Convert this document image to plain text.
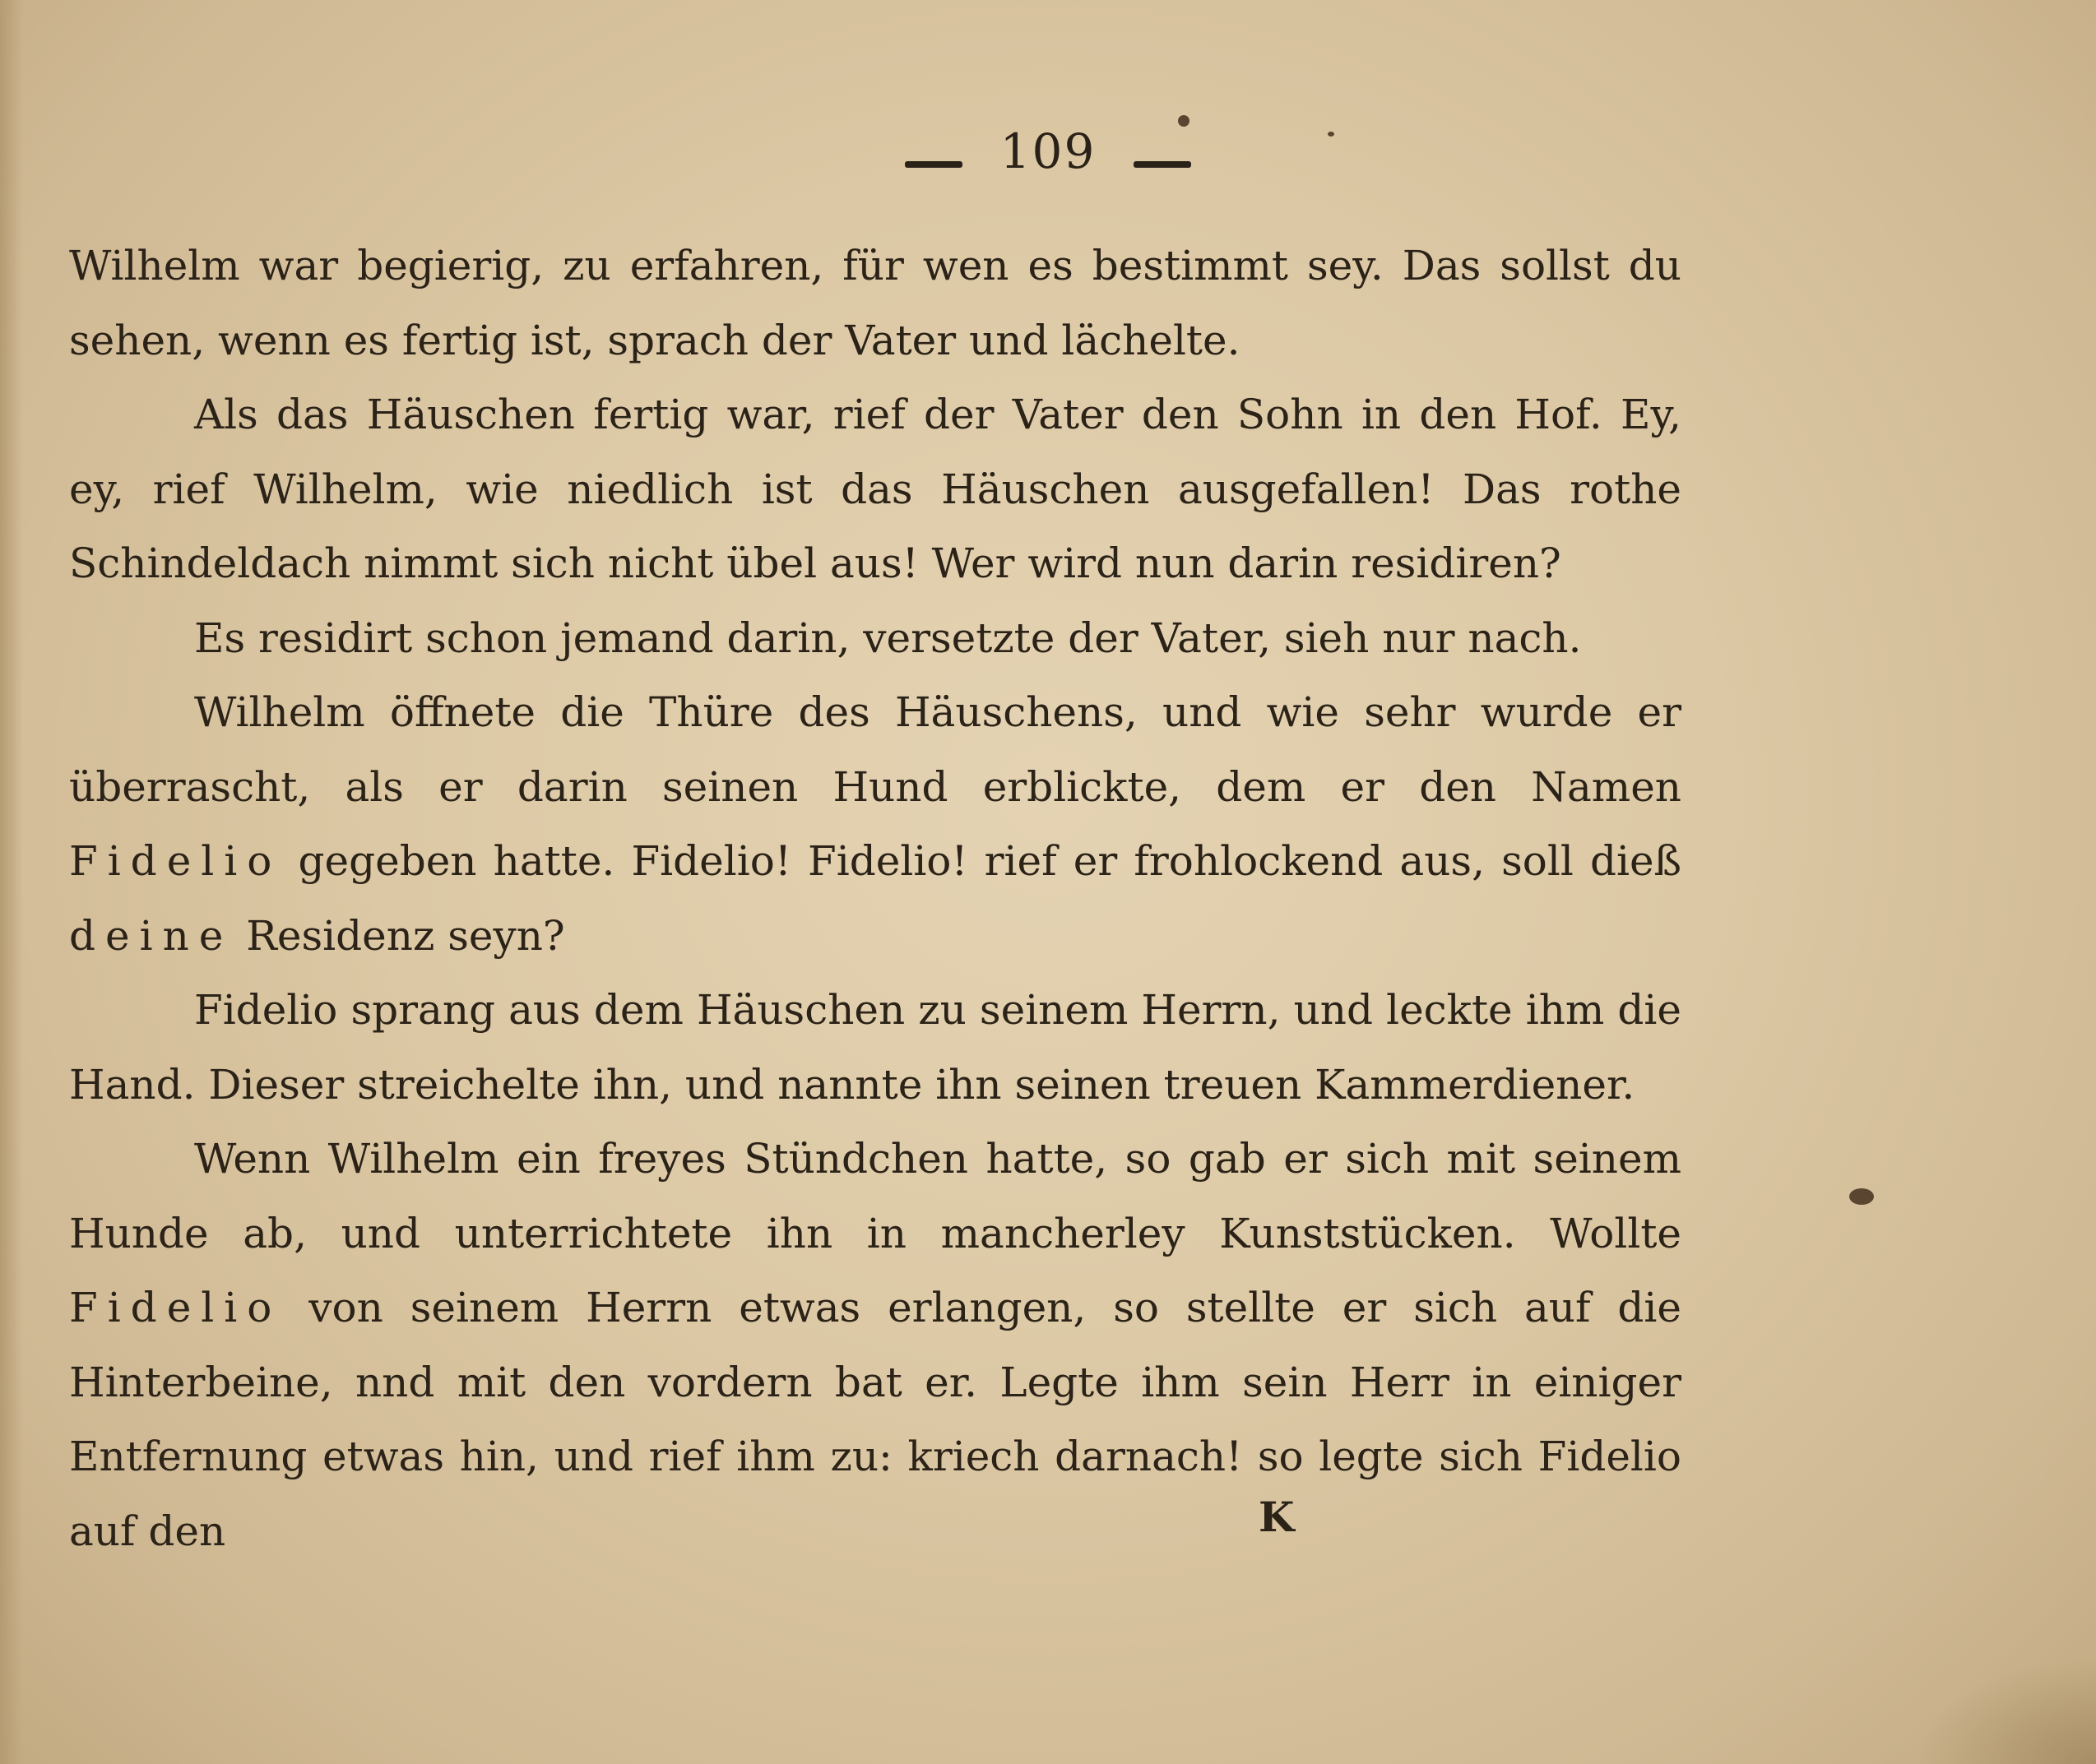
109

Wilhelm war begierig, zu erfahren, für wen es bestimmt sey. Das sollst du sehen, wenn es fertig ist, sprach der Vater und lächelte.

Als das Häuschen fertig war, rief der Vater den Sohn in den Hof. Ey, ey, rief Wilhelm, wie niedlich ist das Häuschen ausgefallen! Das rothe Schindeldach nimmt sich nicht übel aus! Wer wird nun darin residiren?

Es residirt schon jemand darin, versetzte der Vater, sieh nur nach.

Wilhelm öffnete die Thüre des Häuschens, und wie sehr wurde er überrascht, als er darin seinen Hund erblickte, dem er den Namen Fidelio gegeben hatte. Fidelio! Fidelio! rief er frohlockend aus, soll dieß deine Residenz seyn?

Fidelio sprang aus dem Häuschen zu seinem Herrn, und leckte ihm die Hand. Dieser streichelte ihn, und nannte ihn seinen treuen Kammerdiener.

Wenn Wilhelm ein freyes Stündchen hatte, so gab er sich mit seinem Hunde ab, und unterrichtete ihn in mancherley Kunststücken. Wollte Fidelio von seinem Herrn etwas erlangen, so stellte er sich auf die Hinterbeine, nnd mit den vordern bat er. Legte ihm sein Herr in einiger Entfernung etwas hin, und rief ihm zu: kriech darnach! so legte sich Fidelio auf den	K
